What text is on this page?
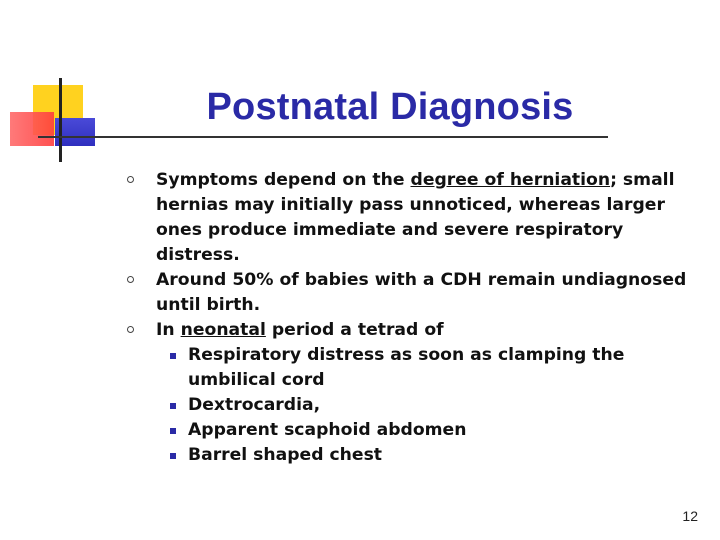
Postnatal Diagnosis
Symptoms depend on the degree of herniation; small hernias may initially pass unnoticed, whereas larger ones produce immediate and severe respiratory distress.
Around 50% of babies with a CDH remain undiagnosed until birth.
In neonatal period a tetrad of
Respiratory distress as soon as clamping the umbilical cord
Dextrocardia,
Apparent scaphoid abdomen
Barrel shaped chest
12
